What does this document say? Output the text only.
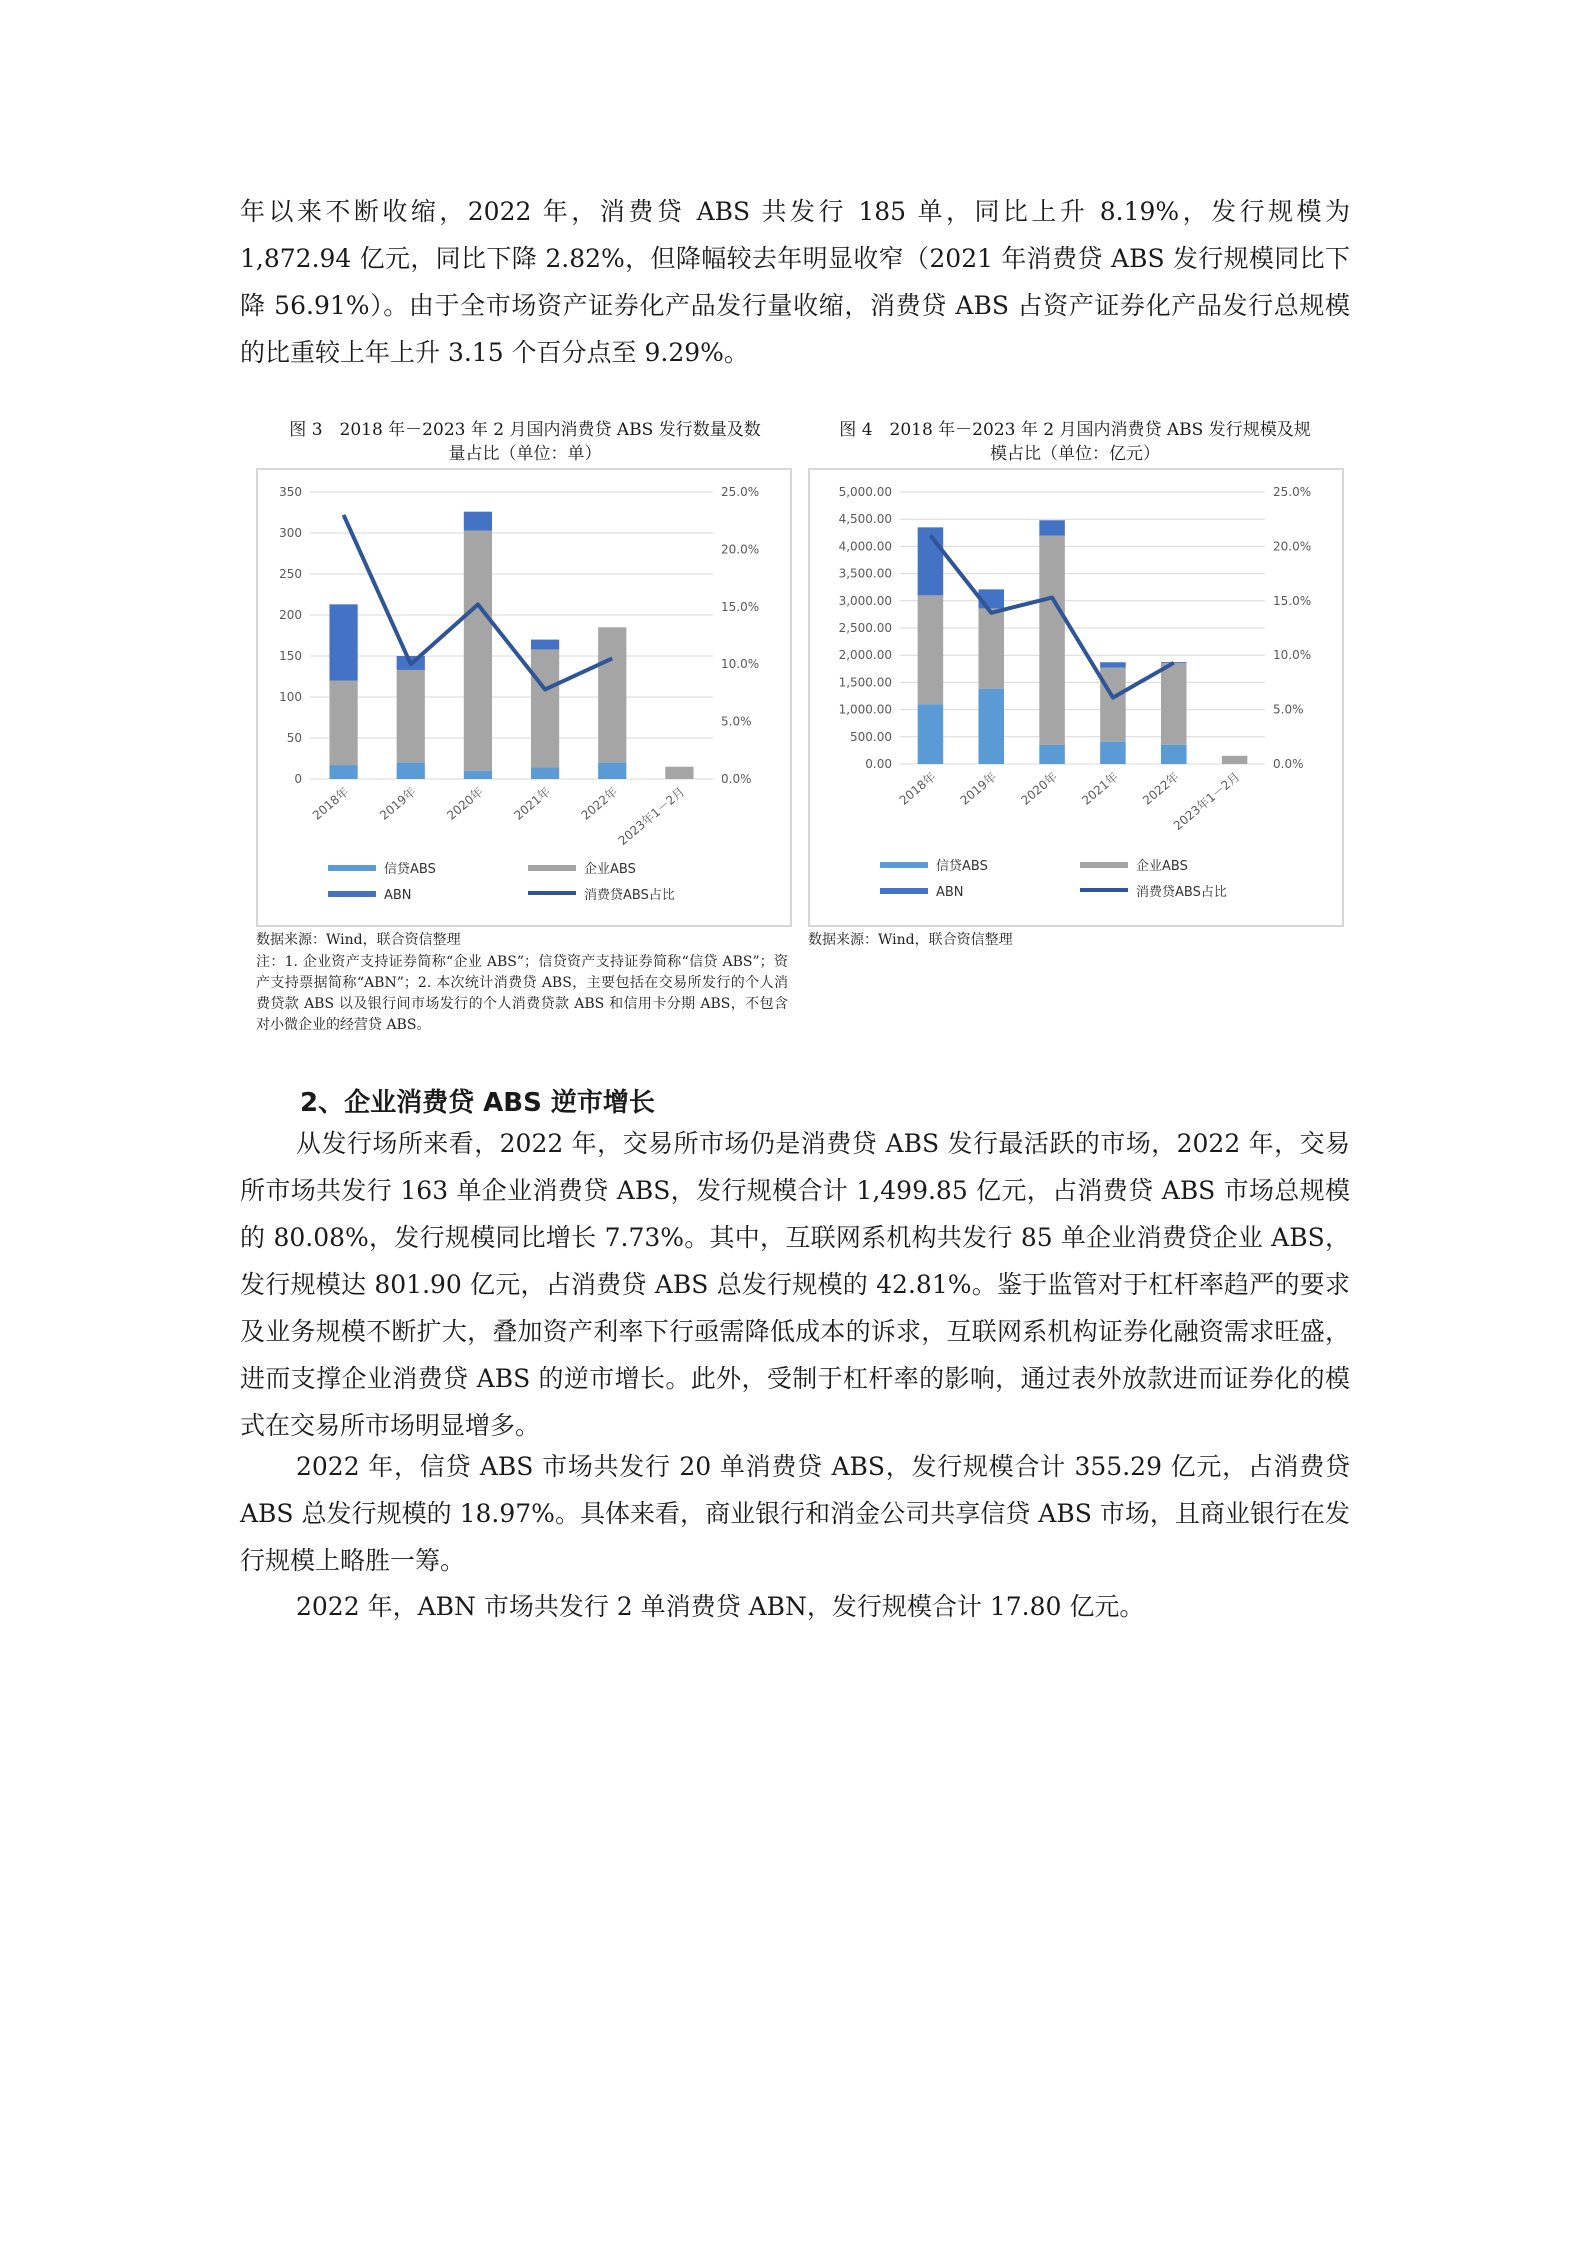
年以来不断收缩，2022 年，消费贷 ABS 共发行 185 单，同比上升 8.19%，发行规模为 1,872.94 亿元，同比下降 2.82%，但降幅较去年明显收窄（2021 年消费贷 ABS 发行规模同比下降 56.91%）。由于全市场资产证券化产品发行量收缩，消费贷 ABS 占资产证券化产品发行总规模的比重较上年上升 3.15 个百分点至 9.29%。

图 3　2018 年－2023 年 2 月国内消费贷 ABS 发行数量及数
量占比（单位：单）
0
50
100
150
200
250
300
350
0.0%
5.0%
10.0%
15.0%
20.0%
25.0%
2018年 2019年 2020年 2021年 2022年
2023年1－2月
信贷ABS	企业ABS
ABN	消费贷ABS占比
数据来源：Wind，联合资信整理
注：1. 企业资产支持证券简称“企业 ABS”；信贷资产支持证券简称“信贷 ABS”；资产支持票据简称“ABN”；2. 本次统计消费贷 ABS，主要包括在交易所发行的个人消费贷款 ABS 以及银行间市场发行的个人消费贷款 ABS 和信用卡分期 ABS，不包含对小微企业的经营贷 ABS。
图 4　2018 年－2023 年 2 月国内消费贷 ABS 发行规模及规
模占比（单位：亿元）
0.00
500.00
1,000.00
1,500.00
2,000.00
2,500.00
3,000.00
3,500.00
4,000.00
4,500.00
5,000.00
0.0%
5.0%
10.0%
15.0%
20.0%
25.0%
2018年 2019年 2020年 2021年 2022年
2023年1－2月
信贷ABS	企业ABS
ABN	消费贷ABS占比
数据来源：Wind，联合资信整理

2、企业消费贷 ABS 逆市增长

从发行场所来看，2022 年，交易所市场仍是消费贷 ABS 发行最活跃的市场，2022 年，交易所市场共发行 163 单企业消费贷 ABS，发行规模合计 1,499.85 亿元，占消费贷 ABS 市场总规模的 80.08%，发行规模同比增长 7.73%。其中，互联网系机构共发行 85 单企业消费贷企业 ABS，发行规模达 801.90 亿元，占消费贷 ABS 总发行规模的 42.81%。鉴于监管对于杠杆率趋严的要求及业务规模不断扩大，叠加资产利率下行亟需降低成本的诉求，互联网系机构证券化融资需求旺盛，进而支撑企业消费贷 ABS 的逆市增长。此外，受制于杠杆率的影响，通过表外放款进而证券化的模式在交易所市场明显增多。

2022 年，信贷 ABS 市场共发行 20 单消费贷 ABS，发行规模合计 355.29 亿元，占消费贷 ABS 总发行规模的 18.97%。具体来看，商业银行和消金公司共享信贷 ABS 市场，且商业银行在发行规模上略胜一筹。

2022 年，ABN 市场共发行 2 单消费贷 ABN，发行规模合计 17.80 亿元。
